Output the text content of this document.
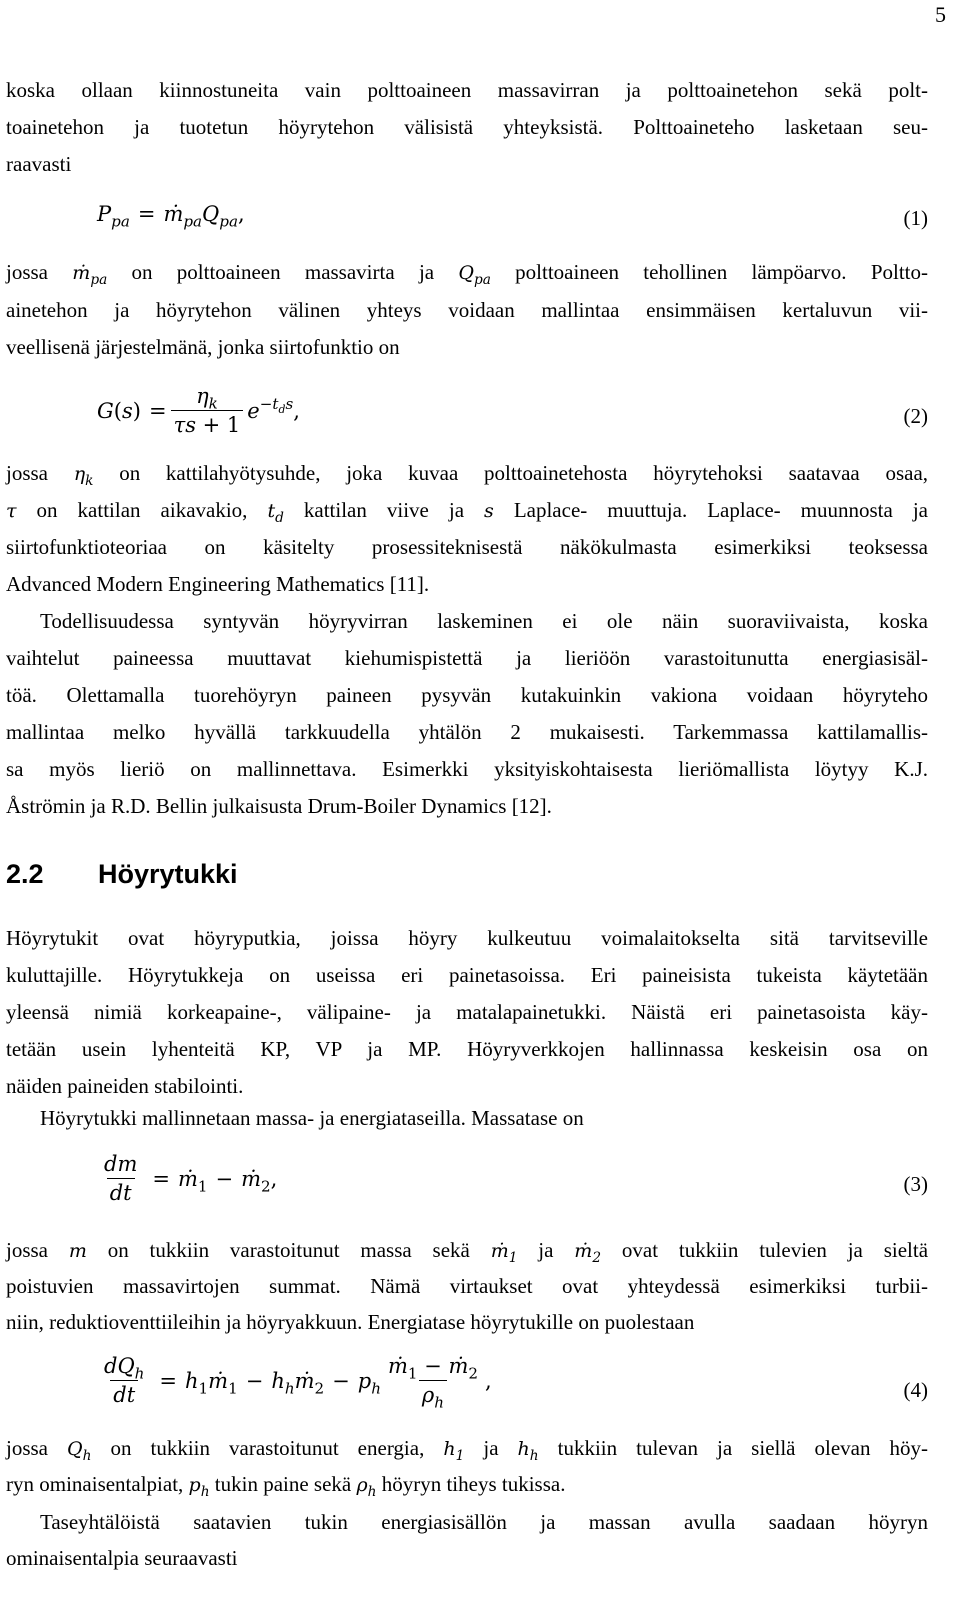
5
koska ollaan kiinnostuneita vain polttoaineen massavirran ja polttoainetehon sekä polt-
toainetehon ja tuotetun höyrytehon välisistä yhteyksistä. Polttoaineteho lasketaan seu-
raavasti
$P_{pa}$ = $ṁ_{pa}Q_{pa}$ ,	(1)
jossa ṁ$_{pa}$ on polttoaineen massavirta ja $Q_{pa}$ polttoaineen tehollinen lämpöarvo. Poltto-
ainetehon ja höyrytehon välinen yhteys voidaan mallintaa ensimmäisen kertaluvun vii-
veellisenä järjestelmänä, jonka siirtofunktio on
G ( s ) = $\frac{\eta_k}{\tau s + 1} e^{-t_ds}$ ,	(2)
jossa $\eta_k$ on kattilahyötysuhde, joka kuvaa polttoainetehosta höyrytehoksi saatavaa osaa,
τ on kattilan aikavakio, $t_d$ kattilan viive ja s Laplace- muuttuja. Laplace- muunnosta ja
siirtofunktioteoriaa on käsitelty prosessiteknisestä näkökulmasta esimerkiksi teoksessa
Advanced Modern Engineering Mathematics [11].
Todellisuudessa syntyvän höyryvirran laskeminen ei ole näin suoraviivaista, koska
vaihtelut paineessa muuttavat kiehumispistettä ja lieriöön varastoitunutta energiasisäl-
töä. Olettamalla tuorehöyryn paineen pysyvän kutakuinkin vakiona voidaan höyryteho
mallintaa melko hyvällä tarkkuudella yhtälön 2 mukaisesti. Tarkemmassa kattilamallis-
sa myös lieriö on mallinnettava. Esimerkki yksityiskohtaisesta lieriömallista löytyy K.J.
Åströmin ja R.D. Bellin julkaisusta Drum-Boiler Dynamics [12].
2.2 Höyrytukki
Höyrytukit ovat höyryputkia, joissa höyry kulkeutuu voimalaitokselta sitä tarvitseville
kuluttajille. Höyrytukkeja on useissa eri painetasoissa. Eri paineisista tukeista käytetään
yleensä nimiä korkeapaine-, välipaine- ja matalapainetukki. Näistä eri painetasoista käy-
tetään usein lyhenteitä KP, VP ja MP. Höyryverkkojen hallinnassa keskeisin osa on
näiden paineiden stabilointi.
Höyrytukki mallinnetaan massa- ja energiataseilla. Massatase on
$\frac{dm}{dt}$ = ṁ$_1$ − ṁ$_2$ ,	(3)
jossa m on tukkiin varastoitunut massa sekä ṁ$_1$ ja ṁ$_2$ ovat tukkiin tulevien ja sieltä
poistuvien massavirtojen summat. Nämä virtaukset ovat yhteydessä esimerkiksi turbii-
niin, reduktioventtiileihin ja höyryakkuun. Energiatase höyrytukille on puolestaan
$\frac{dQ_h}{dt}$ = $h_1ṁ_1$ − $h_hṁ_2 - p_h \frac{ṁ_1 - ṁ_2}{\rho_h}$ ,	(4)
jossa $Q_h$ on tukkiin varastoitunut energia, $h_1$ ja $h_h$ tukkiin tulevan ja siellä olevan höy-
ryn ominaisentalpiat, $p_h$ tukin paine sekä $\rho_h$ höyryn tiheys tukissa.
Taseyhtälöistä saatavien tukin energiasisällön ja massan avulla saadaan höyryn
ominaisentalpia seuraavasti
